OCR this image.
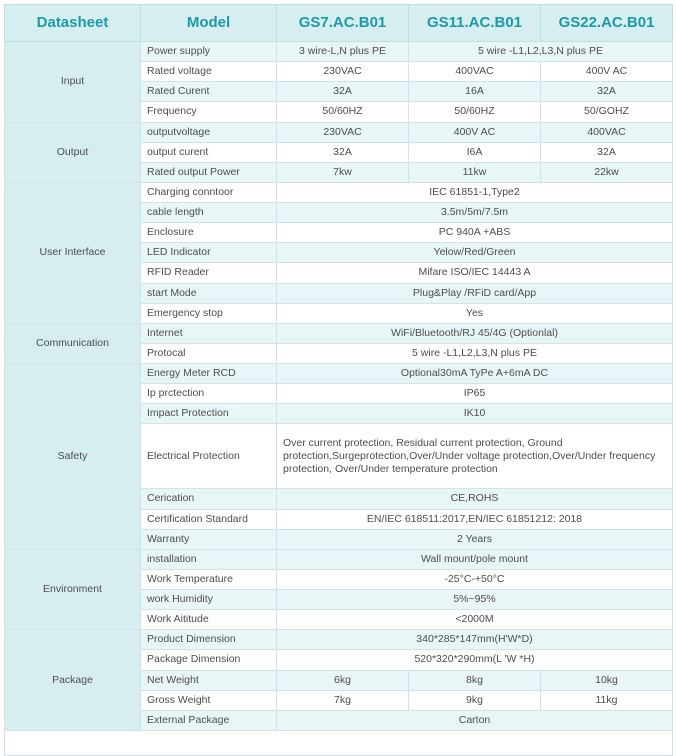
Datasheet	Model	GS7.AC.B01	GS11.AC.B01	GS22.AC.B01
Input	Power supply	3 wire-L,N plus PE	5 wire -L1,L2,L3,N plus PE	
	Rated voltage	230VAC	400VAC	400V AC
	Rated Curent	32A	16A	32A
	Frequency	50/60HZ	50/60HZ	50/GOHZ
Output	outputvoltage	230VAC	400V AC	400VAC
	output curent	32A	I6A	32A
	Rated output Power	7kw	11kw	22kw
User Interface	Charging conntoor	IEC 61851-1,Type2		
	cable length	3.5m/5m/7.5m		
	Enclosure	PC 940A +ABS		
	LED Indicator	Yelow/Red/Green		
	RFID Reader	Mifare ISO/IEC 14443 A		
	start Mode	Plug&Play /RFiD card/App		
	Emergency stop	Yes		
Communication	Internet	WiFi/Bluetooth/RJ 45/4G (Optionlal)		
	Protocal	5 wire -L1,L2,L3,N plus PE		
Safety	Energy Meter RCD	Optional30mA TyPe A+6mA DC		
	Ip prctection	IP65		
	Impact Protection	IK10		
	Electrical Protection	Over current protection, Residual current protection, Ground protection,Surgeprotection,Over/Under voltage protection,Over/Under frequency protection, Over/Under temperature protection		
	Cerication	CE,ROHS		
	Certification Standard	EN/IEC 618511:2017,EN/IEC 61851212: 2018		
	Warranty	2 Years		
Environment	installation	Wall mount/pole mount		
	Work Temperature	-25°C-+50°C		
	work Humidity	5%~95%		
	Work Aititude	<2000M		
Package	Product Dimension	340*285*147mm(H'W*D)		
	Package Dimension	520*320*290mm(L 'W *H)		
	Net Weight	6kg	8kg	10kg
	Gross Weight	7kg	9kg	11kg
	External Package	Carton		
